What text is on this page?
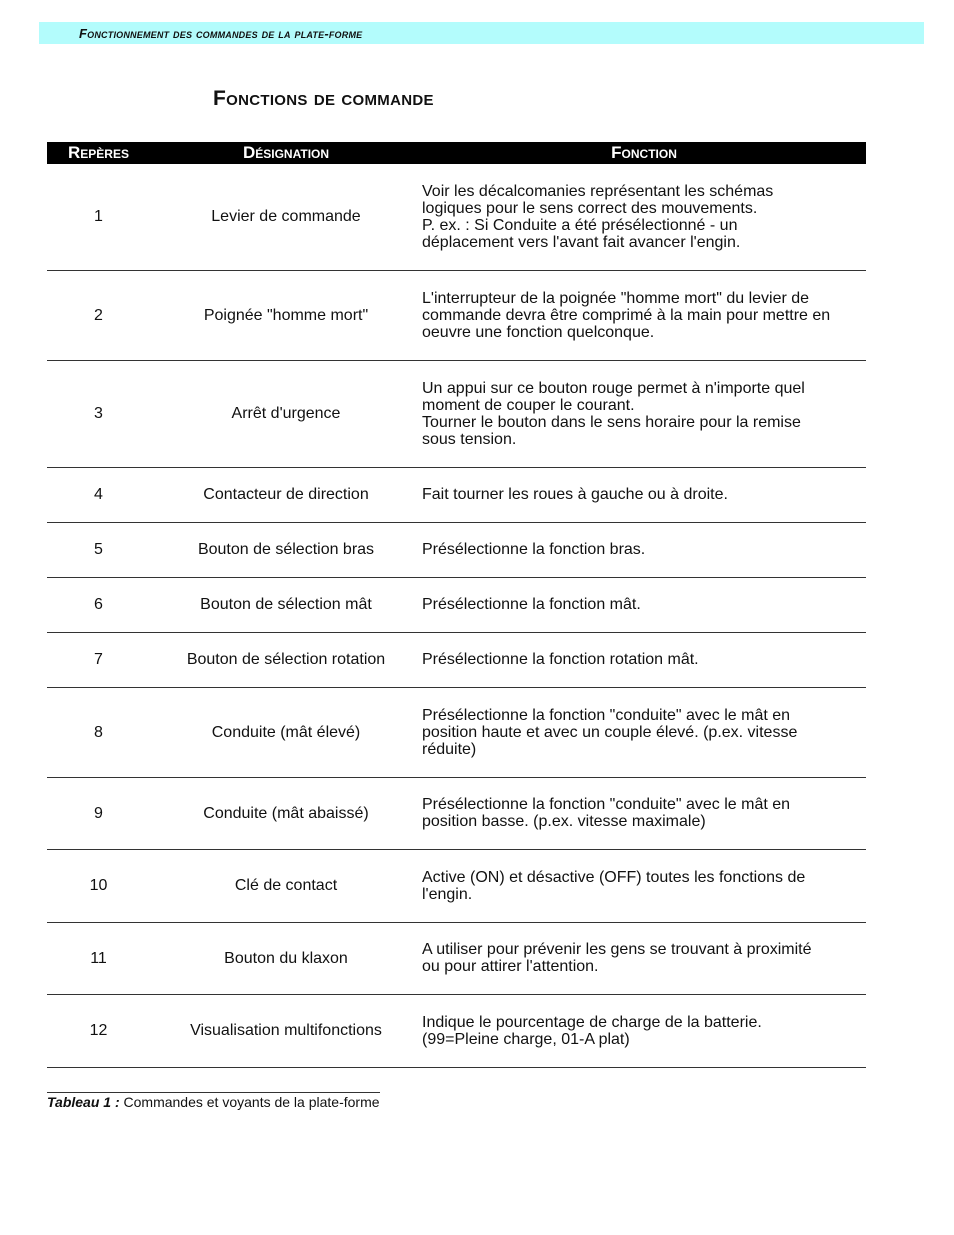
Fonctionnement des commandes de la plate-forme
Fonctions de commande
Repères	Désignation	Fonction
1	Levier de commande	Voir les décalcomanies représentant les schémas
logiques pour le sens correct des mouvements.
P. ex. : Si Conduite a été présélectionné - un
déplacement vers l'avant fait avancer l'engin.

2	Poignée "homme mort"	L'interrupteur de la poignée "homme mort" du levier de
commande devra être comprimé à la main pour mettre en
oeuvre une fonction quelconque.

3	Arrêt d'urgence	Un appui sur ce bouton rouge permet à n'importe quel
moment de couper le courant.
Tourner le bouton dans le sens horaire pour la remise
sous tension.

4	Contacteur de direction	Fait tourner les roues à gauche ou à droite.

5	Bouton de sélection bras	Présélectionne la fonction bras.

6	Bouton de sélection mât	Présélectionne la fonction mât.

7	Bouton de sélection rotation	Présélectionne la fonction rotation mât.

8	Conduite (mât élevé)	Présélectionne la fonction "conduite" avec le mât en
position haute et avec un couple élevé. (p.ex. vitesse
réduite)

9	Conduite (mât abaissé)	Présélectionne la fonction "conduite" avec le mât en
position basse. (p.ex. vitesse maximale)

10	Clé de contact	Active (ON) et désactive (OFF) toutes les fonctions de
l'engin.

11	Bouton du klaxon	A utiliser pour prévenir les gens se trouvant à proximité
ou pour attirer l'attention.

12	Visualisation multifonctions	Indique le pourcentage de charge de la batterie.
(99=Pleine charge, 01-A plat)
Tableau 1 : Commandes et voyants de la plate-forme
